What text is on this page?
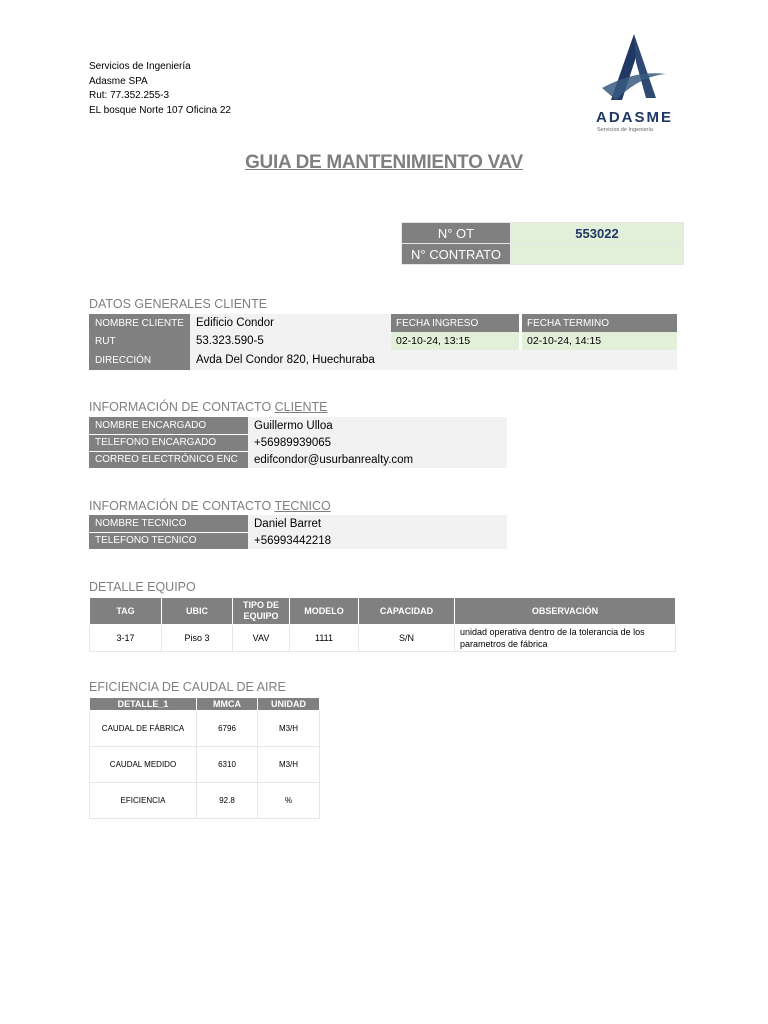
Servicios de Ingeniería
Adasme SPA
Rut: 77.352.255-3
EL bosque Norte 107 Oficina 22	ADASME
Servicios de Ingeniería
GUIA DE MANTENIMIENTO VAV
N° OT	553022
N° CONTRATO	
DATOS GENERALES CLIENTE
NOMBRE CLIENTE	Edificio Condor	FECHA INGRESO	FECHA TERMINO
RUT	53.323.590-5	02-10-24, 13:15	02-10-24, 14:15
DIRECCIÓN	Avda Del Condor 820, Huechuraba		
INFORMACIÓN DE CONTACTO CLIENTE
NOMBRE ENCARGADO	Guillermo Ulloa
TELEFONO ENCARGADO	+56989939065
CORREO ELECTRÓNICO ENC	edifcondor@usurbanrealty.com
INFORMACIÓN DE CONTACTO TECNICO
NOMBRE TECNICO	Daniel Barret
TELEFONO TECNICO	+56993442218
DETALLE EQUIPO
TAG	UBIC	TIPO DE EQUIPO	MODELO	CAPACIDAD	OBSERVACIÓN
3-17	Piso 3	VAV	1111	S/N	unidad operativa dentro de la tolerancia de los parametros de fábrica
EFICIENCIA DE CAUDAL DE AIRE
DETALLE_1	MMCA	UNIDAD
CAUDAL DE FÁBRICA	6796	M3/H
CAUDAL MEDIDO	6310	M3/H
EFICIENCIA	92.8	%
